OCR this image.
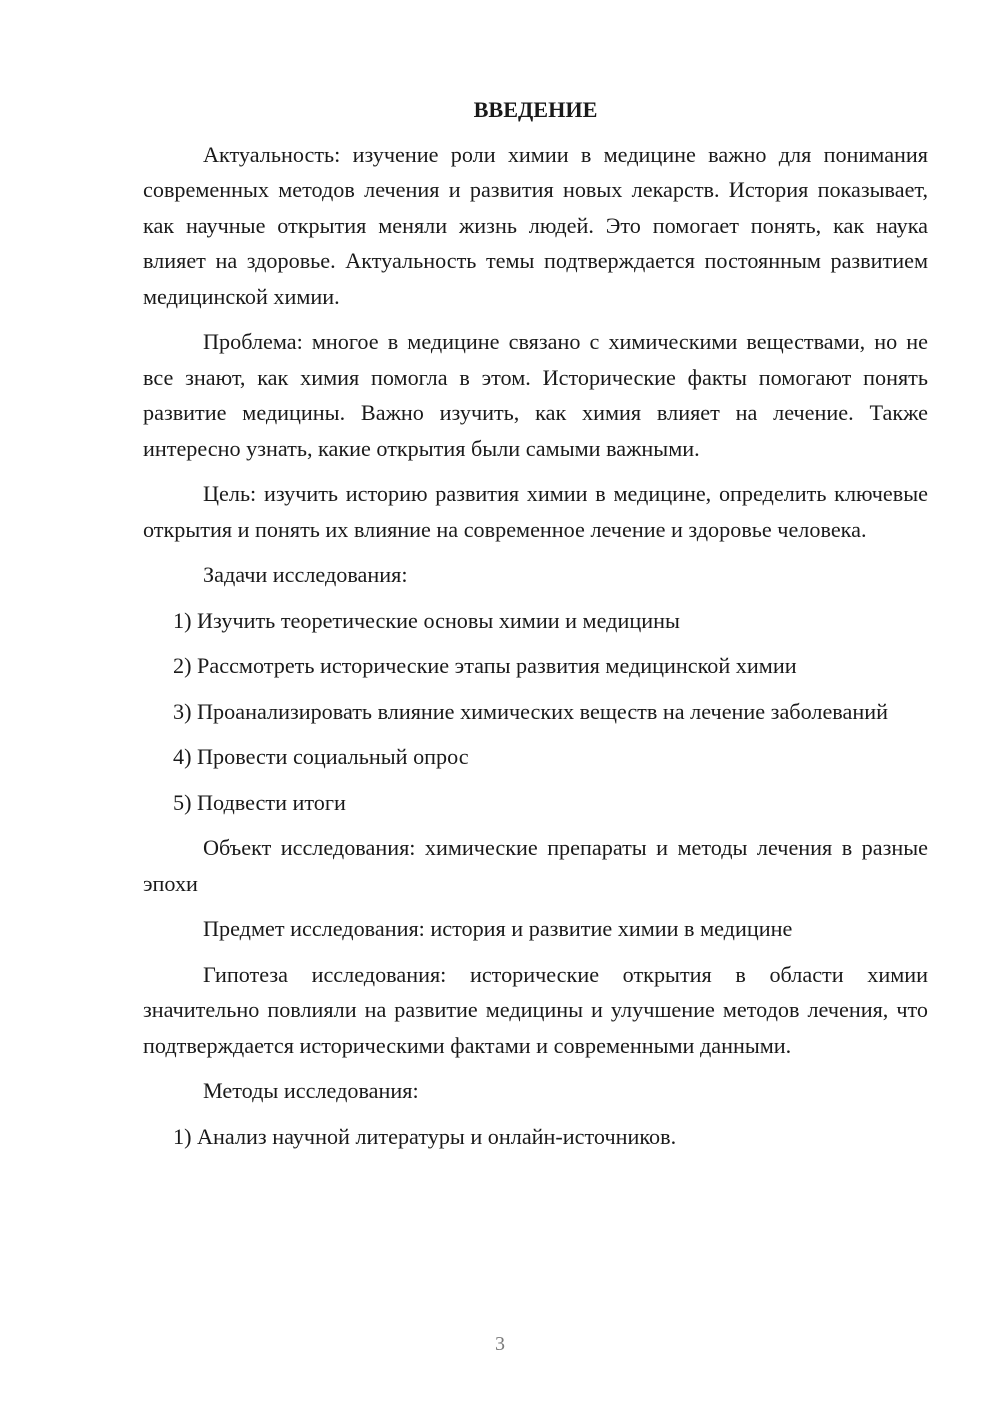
ВВЕДЕНИЕ

Актуальность: изучение роли химии в медицине важно для понимания современных методов лечения и развития новых лекарств. История показывает, как научные открытия меняли жизнь людей. Это помогает понять, как наука влияет на здоровье. Актуальность темы подтверждается постоянным развитием медицинской химии.

Проблема: многое в медицине связано с химическими веществами, но не все знают, как химия помогла в этом. Исторические факты помогают понять развитие медицины. Важно изучить, как химия влияет на лечение. Также интересно узнать, какие открытия были самыми важными.

Цель: изучить историю развития химии в медицине, определить ключевые открытия и понять их влияние на современное лечение и здоровье человека.

Задачи исследования:

1) Изучить теоретические основы химии и медицины

2) Рассмотреть исторические этапы развития медицинской химии

3) Проанализировать влияние химических веществ на лечение заболеваний

4) Провести социальный опрос

5) Подвести итоги

Объект исследования: химические препараты и методы лечения в разные эпохи

Предмет исследования: история и развитие химии в медицине

Гипотеза исследования: исторические открытия в области химии значительно повлияли на развитие медицины и улучшение методов лечения, что подтверждается историческими фактами и современными данными.

Методы исследования:

1) Анализ научной литературы и онлайн-источников.

3
